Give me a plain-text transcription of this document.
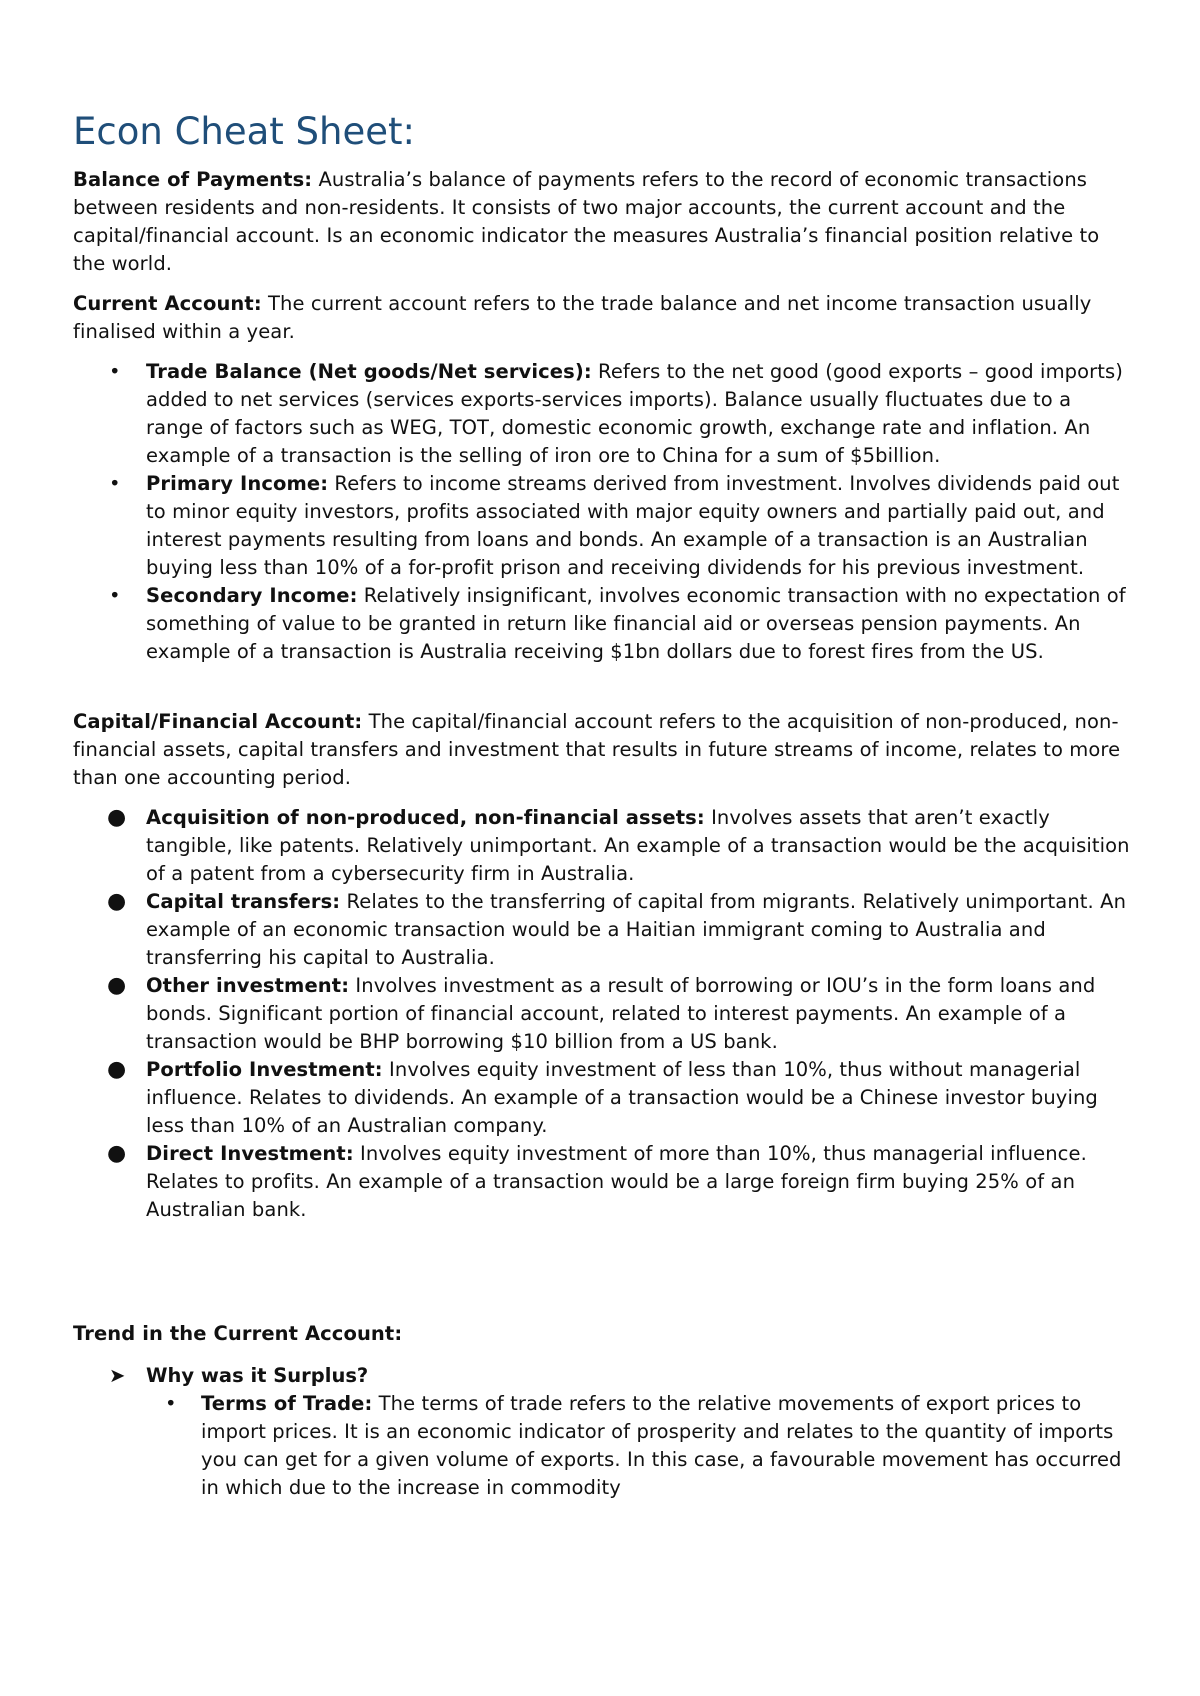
Econ Cheat Sheet:

Balance of Payments: Australia’s balance of payments refers to the record of economic transactions between residents and non-residents. It consists of two major accounts, the current account and the capital/financial account. Is an economic indicator the measures Australia’s financial position relative to the world.

Current Account: The current account refers to the trade balance and net income transaction usually finalised within a year.

• Trade Balance (Net goods/Net services): Refers to the net good (good exports – good imports) added to net services (services exports-services imports). Balance usually fluctuates due to a range of factors such as WEG, TOT, domestic economic growth, exchange rate and inflation. An example of a transaction is the selling of iron ore to China for a sum of $5billion.
• Primary Income: Refers to income streams derived from investment. Involves dividends paid out to minor equity investors, profits associated with major equity owners and partially paid out, and interest payments resulting from loans and bonds. An example of a transaction is an Australian buying less than 10% of a for-profit prison and receiving dividends for his previous investment.
• Secondary Income: Relatively insignificant, involves economic transaction with no expectation of something of value to be granted in return like financial aid or overseas pension payments. An example of a transaction is Australia receiving $1bn dollars due to forest fires from the US.

Capital/Financial Account: The capital/financial account refers to the acquisition of non-produced, non-financial assets, capital transfers and investment that results in future streams of income, relates to more than one accounting period.

● Acquisition of non-produced, non-financial assets: Involves assets that aren’t exactly tangible, like patents. Relatively unimportant. An example of a transaction would be the acquisition of a patent from a cybersecurity firm in Australia.
● Capital transfers: Relates to the transferring of capital from migrants. Relatively unimportant. An example of an economic transaction would be a Haitian immigrant coming to Australia and transferring his capital to Australia.
● Other investment: Involves investment as a result of borrowing or IOU’s in the form loans and bonds. Significant portion of financial account, related to interest payments. An example of a transaction would be BHP borrowing $10 billion from a US bank.
● Portfolio Investment: Involves equity investment of less than 10%, thus without managerial influence. Relates to dividends. An example of a transaction would be a Chinese investor buying less than 10% of an Australian company.
● Direct Investment: Involves equity investment of more than 10%, thus managerial influence. Relates to profits. An example of a transaction would be a large foreign firm buying 25% of an Australian bank.

Trend in the Current Account:

➤ Why was it Surplus?
• Terms of Trade: The terms of trade refers to the relative movements of export prices to import prices. It is an economic indicator of prosperity and relates to the quantity of imports you can get for a given volume of exports. In this case, a favourable movement has occurred in which due to the increase in commodity
